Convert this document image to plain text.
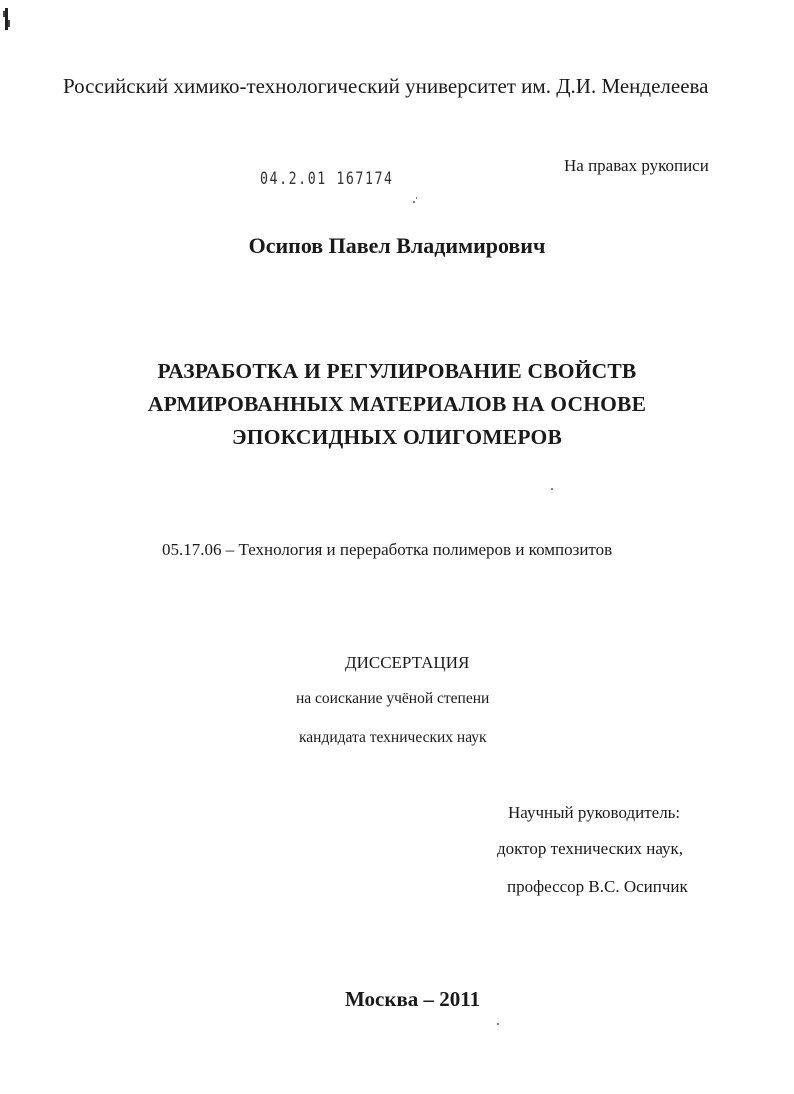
Российский химико-технологический университет им. Д.И. Менделеева
На правах рукописи
04.2.01 167174
Осипов Павел Владимирович
РАЗРАБОТКА И РЕГУЛИРОВАНИЕ СВОЙСТВ
АРМИРОВАННЫХ МАТЕРИАЛОВ НА ОСНОВЕ
ЭПОКСИДНЫХ ОЛИГОМЕРОВ
05.17.06 – Технология и переработка полимеров и композитов
ДИССЕРТАЦИЯ
на соискание учёной степени
кандидата технических наук
Научный руководитель:
доктор технических наук,
профессор В.С. Осипчик
Москва – 2011
